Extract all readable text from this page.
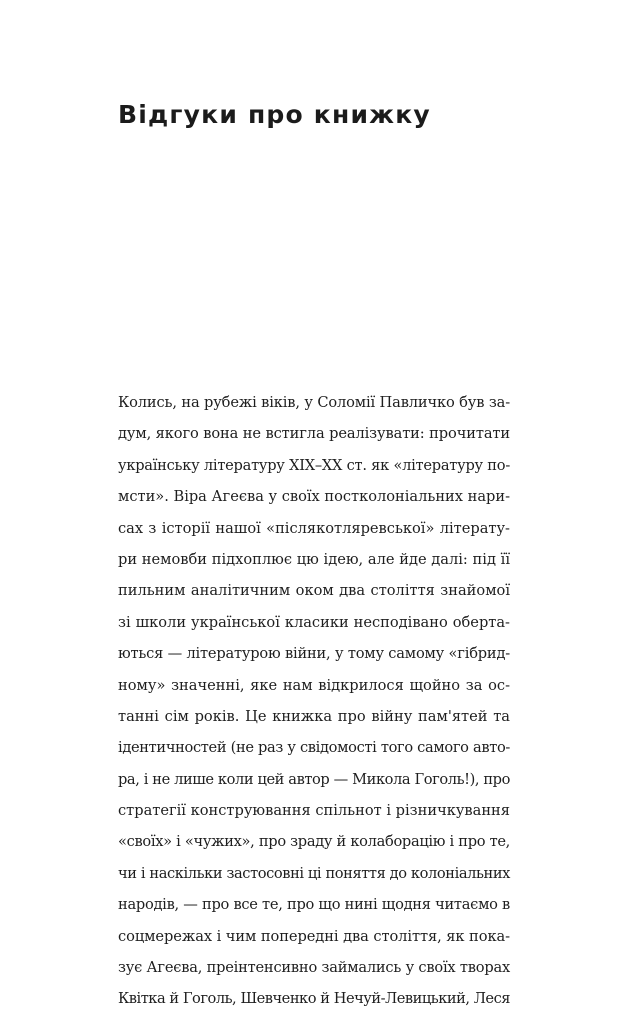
Відгуки про книжку
Колись, на рубежі віків, у Соломії Павличко був за-
дум, якого вона не встигла реалізувати: прочитати
українську літературу ХІХ–ХХ ст. як «літературу по-
мсти». Віра Агеєва у своїх постколоніальних нари-
сах з історії нашої «післякотляревської» літерату-
ри немовби підхоплює цю ідею, але йде далі: під її
пильним аналітичним оком два століття знайомої
зі школи української класики несподівано оберта-
ються — літературою війни, у тому самому «гібрид-
ному» значенні, яке нам відкрилося щойно за ос-
танні сім років. Це книжка про війну пам'ятей та
ідентичностей (не раз у свідомості того самого авто-
ра, і не лише коли цей автор — Микола Гоголь!), про
стратегії конструювання спільнот і різничкування
«своїх» і «чужих», про зраду й колаборацію і про те,
чи і наскільки застосовні ці поняття до колоніальних
народів, — про все те, про що нині щодня читаємо в
соцмережах і чим попередні два століття, як пока-
зує Агеєва, преінтенсивно займались у своїх творах
Квітка й Гоголь, Шевченко й Нечуй-Левицький, Леся
